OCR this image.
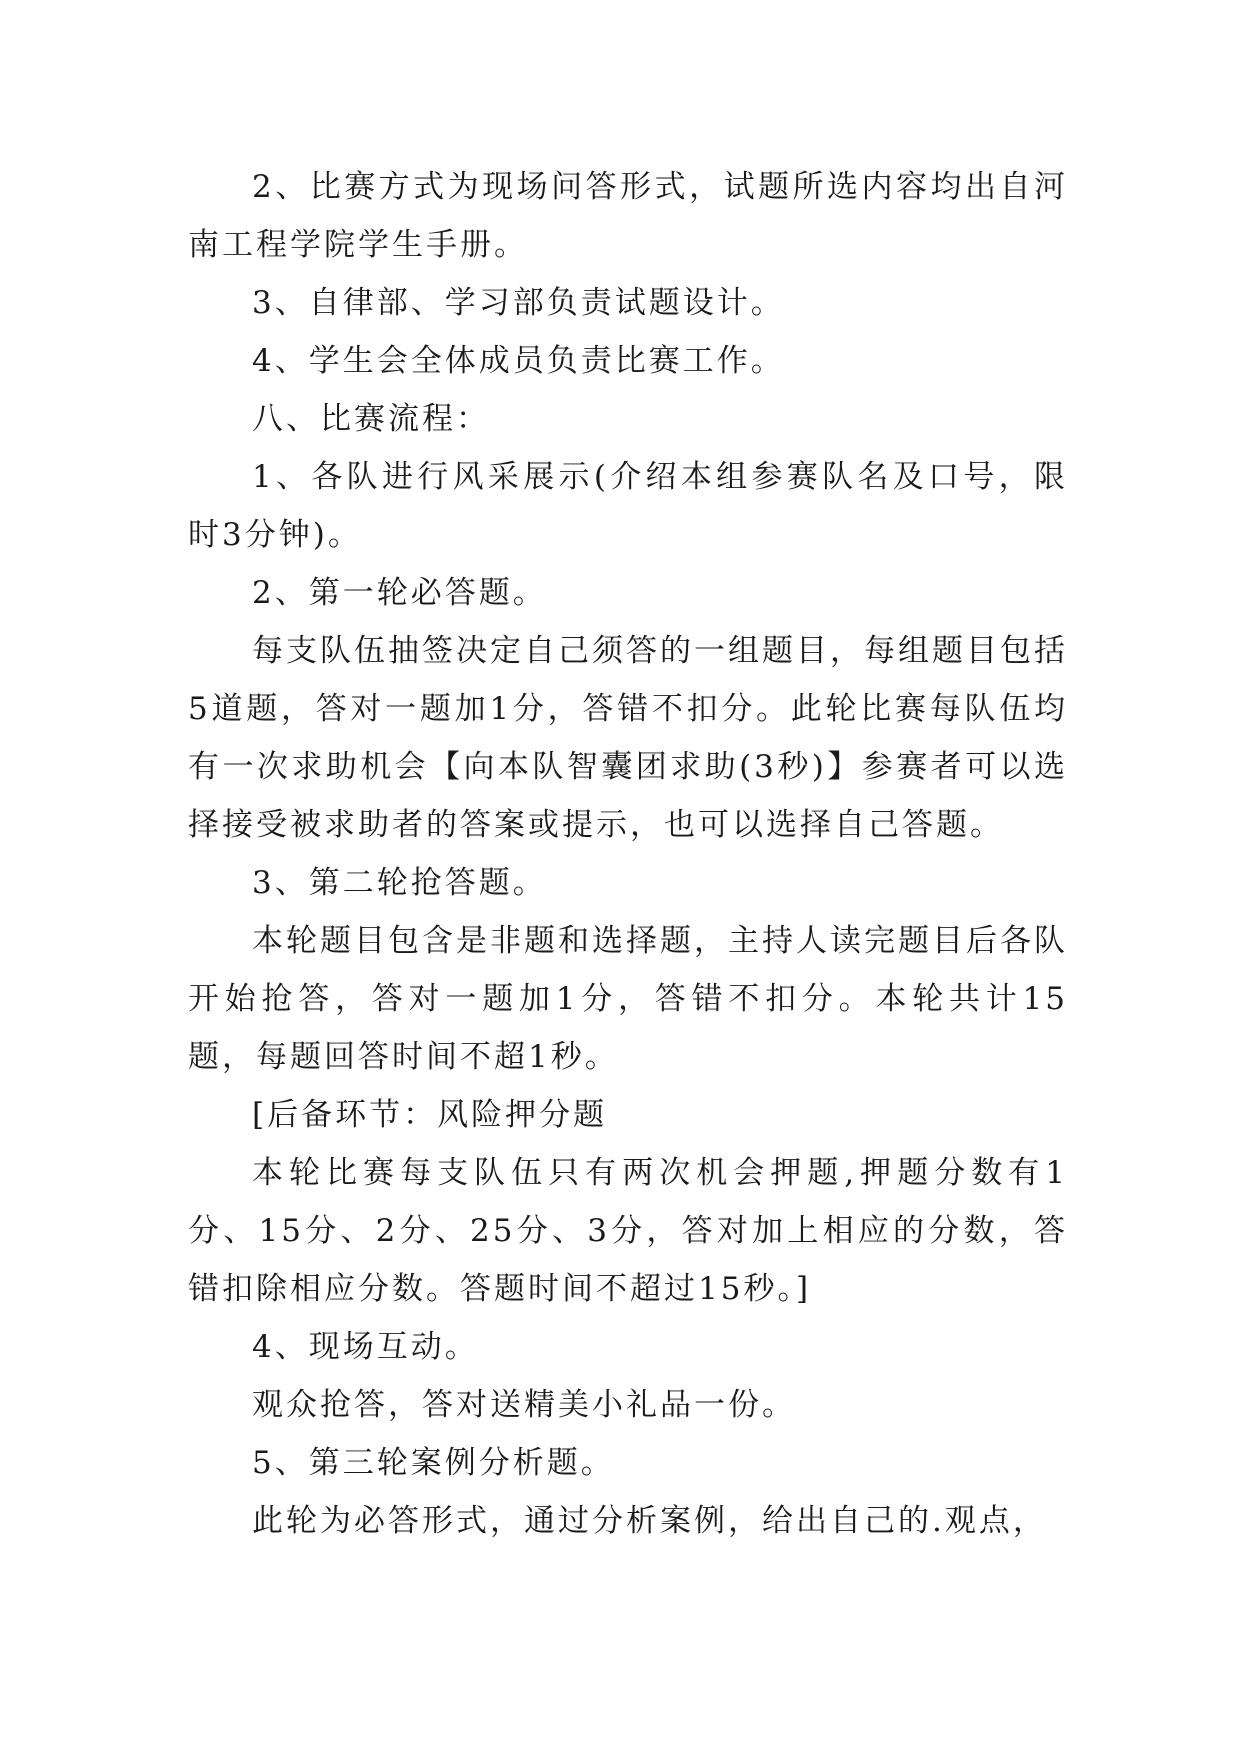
2、比赛方式为现场问答形式，试题所选内容均出自河南工程学院学生手册。

3、自律部、学习部负责试题设计。

4、学生会全体成员负责比赛工作。

八、比赛流程：

1、各队进行风采展示(介绍本组参赛队名及口号，限时3分钟)。

2、第一轮必答题。

每支队伍抽签决定自己须答的一组题目，每组题目包括5道题，答对一题加1分，答错不扣分。此轮比赛每队伍均有一次求助机会【向本队智囊团求助(3秒)】参赛者可以选择接受被求助者的答案或提示，也可以选择自己答题。

3、第二轮抢答题。

本轮题目包含是非题和选择题，主持人读完题目后各队开始抢答，答对一题加1分，答错不扣分。本轮共计15题，每题回答时间不超1秒。

[后备环节：风险押分题

本轮比赛每支队伍只有两次机会押题,押题分数有1分、15分、2分、25分、3分，答对加上相应的分数，答错扣除相应分数。答题时间不超过15秒。]

4、现场互动。

观众抢答，答对送精美小礼品一份。

5、第三轮案例分析题。

此轮为必答形式，通过分析案例，给出自己的.观点，
